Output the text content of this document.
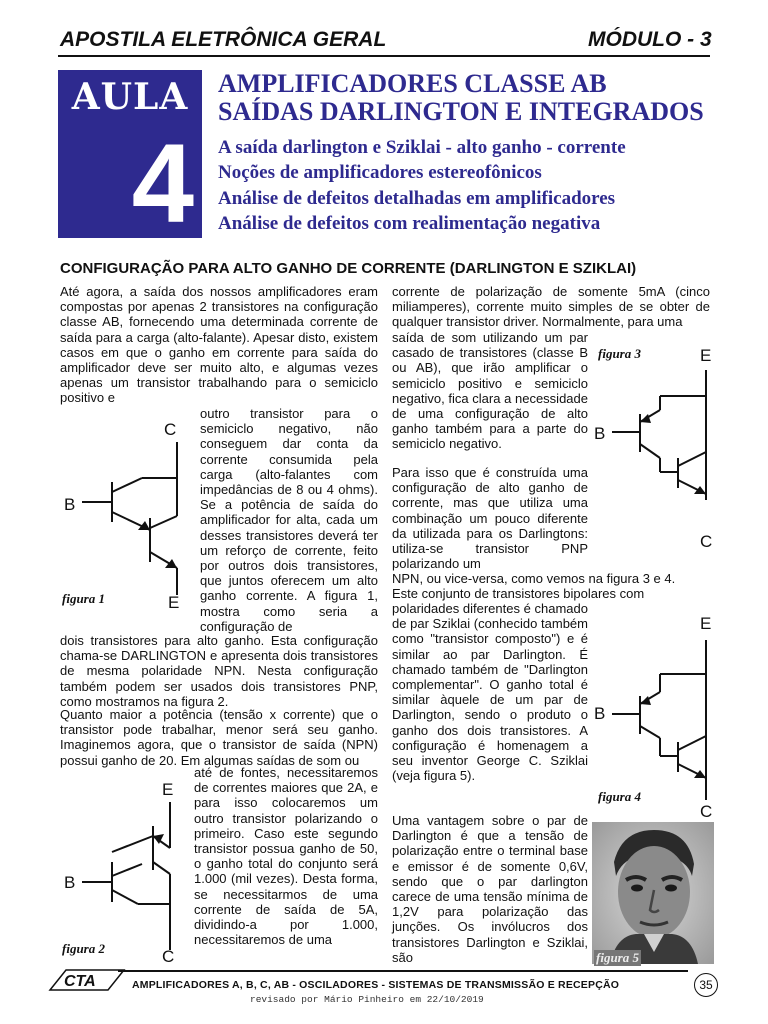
APOSTILA ELETRÔNICA GERAL	MÓDULO - 3
AULA
4
AMPLIFICADORES CLASSE AB
SAÍDAS DARLINGTON E INTEGRADOS
A saída darlington e Sziklai - alto ganho - corrente
Noções de amplificadores estereofônicos
Análise de defeitos detalhadas em amplificadores
Análise de defeitos com realimentação negativa
CONFIGURAÇÃO PARA ALTO GANHO DE CORRENTE (DARLINGTON E SZIKLAI)
Até agora, a saída dos nossos amplificadores eram compostas por apenas 2 transistores na configuração classe AB, fornecendo uma determinada corrente de saída para a carga (alto-falante). Apesar disto, existem casos em que o ganho em corrente para saída do amplificador deve ser muito alto, e algumas vezes apenas um transistor trabalhando para o semiciclo positivo e
outro transistor para o semiciclo negativo, não conseguem dar conta da corrente consumida pela carga (alto-falantes com impedâncias de 8 ou 4 ohms). Se a potência de saída do amplificador for alta, cada um desses transistores deverá ter um reforço de corrente, feito por outros dois transistores, que juntos oferecem um alto ganho corrente. A figura 1, mostra como seria a configuração de
dois transistores para alto ganho. Esta configuração chama-se DARLINGTON e apresenta dois transistores de mesma polaridade NPN. Nesta configuração também podem ser usados dois transistores PNP, como mostramos na figura 2.
Quanto maior a potência (tensão x corrente) que o transistor pode trabalhar, menor será seu ganho. Imaginemos agora, que o transistor de saída (NPN) possui ganho de 20. Em algumas saídas de som ou
até de fontes, necessitaremos de correntes maiores que 2A, e para isso colocaremos um outro transistor polarizando o primeiro. Caso este segundo transistor possua ganho de 50, o ganho total do conjunto será 1.000 (mil vezes). Desta forma, se necessitarmos de uma corrente de saída de 5A, dividindo-a por 1.000, necessitaremos de uma
C
B
E
figura 1
E
B
C
figura 2
corrente de polarização de somente 5mA (cinco miliamperes), corrente muito simples de se obter de qualquer transistor driver. Normalmente, para uma
saída de som utilizando um par casado de transistores (classe B ou AB), que irão amplificar o semiciclo positivo e semiciclo negativo, fica clara a necessidade de uma configuração de alto ganho também para a parte do semiciclo negativo.
Para isso que é construída uma configuração de alto ganho de corrente, mas que utiliza uma combinação um pouco diferente da utilizada para os Darlingtons: utiliza-se transistor PNP polarizando um
NPN, ou vice-versa, como vemos na figura 3 e 4.
Este conjunto de transistores bipolares com
polaridades diferentes é chamado de par Sziklai (conhecido também como "transistor composto") e é similar ao par Darlington. É chamado também de "Darlington complementar". O ganho total é similar àquele de um par de Darlington, sendo o produto o ganho dos dois transistores. A configuração é homenagem a seu inventor George C. Sziklai (veja figura 5).
Uma vantagem sobre o par de Darlington é que a tensão de polarização entre o terminal base e emissor é de somente 0,6V, sendo que o par darlington carece de uma tensão mínima de 1,2V para polarização das junções. Os invólucros dos transistores Darlington e Sziklai, são
figura 3	E
B
C
E
B
C
figura 4
figura 5
CTA	AMPLIFICADORES A, B, C, AB - OSCILADORES - SISTEMAS DE TRANSMISSÃO E RECEPÇÃO
revisado por Mário Pinheiro em 22/10/2019
35
